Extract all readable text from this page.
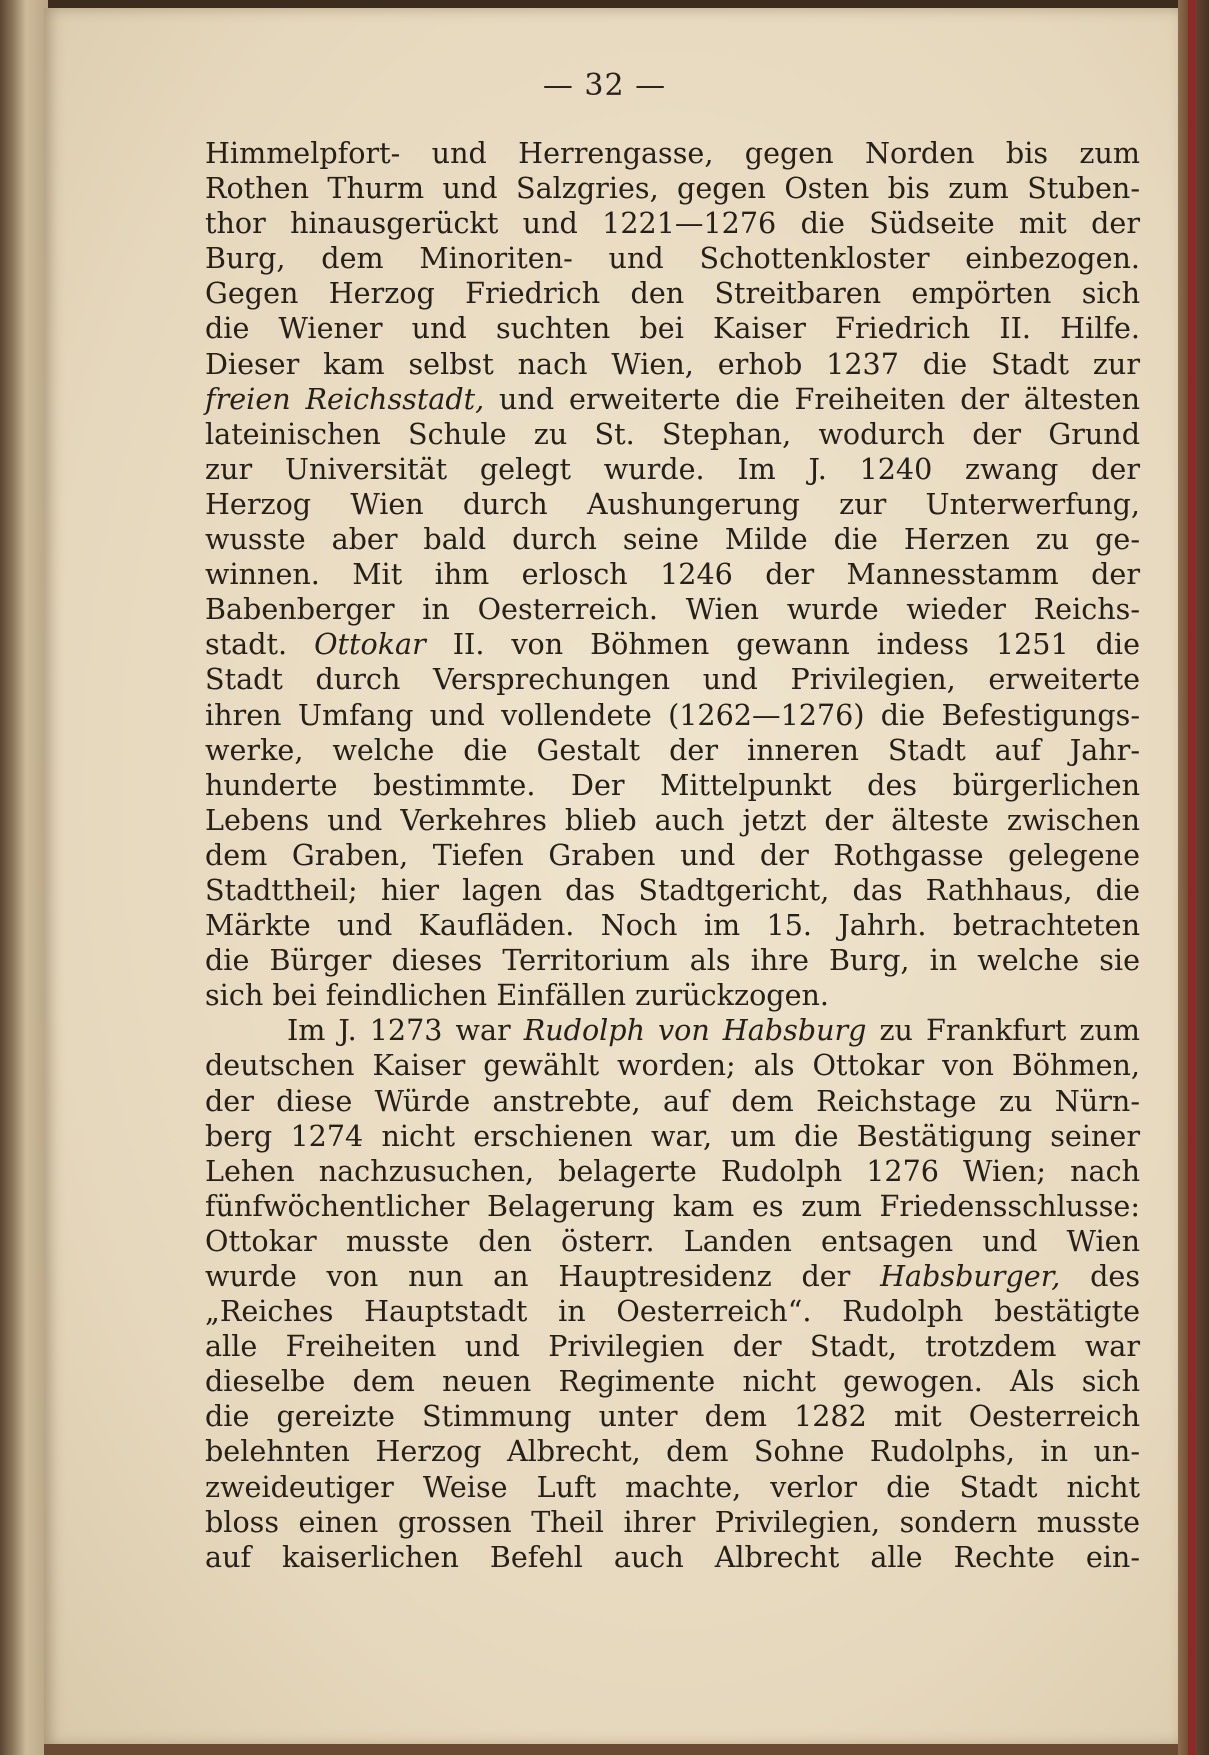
— 32 —
Himmelpfort- und Herrengasse, gegen Norden bis zum
Rothen Thurm und Salzgries, gegen Osten bis zum Stuben-
thor hinausgerückt und 1221—1276 die Südseite mit der
Burg, dem Minoriten- und Schottenkloster einbezogen.
Gegen Herzog Friedrich den Streitbaren empörten sich
die Wiener und suchten bei Kaiser Friedrich II. Hilfe.
Dieser kam selbst nach Wien, erhob 1237 die Stadt zur
freien Reichsstadt, und erweiterte die Freiheiten der ältesten
lateinischen Schule zu St. Stephan, wodurch der Grund
zur Universität gelegt wurde. Im J. 1240 zwang der
Herzog Wien durch Aushungerung zur Unterwerfung,
wusste aber bald durch seine Milde die Herzen zu ge-
winnen. Mit ihm erlosch 1246 der Mannesstamm der
Babenberger in Oesterreich. Wien wurde wieder Reichs-
stadt. Ottokar II. von Böhmen gewann indess 1251 die
Stadt durch Versprechungen und Privilegien, erweiterte
ihren Umfang und vollendete (1262—1276) die Befestigungs-
werke, welche die Gestalt der inneren Stadt auf Jahr-
hunderte bestimmte. Der Mittelpunkt des bürgerlichen
Lebens und Verkehres blieb auch jetzt der älteste zwischen
dem Graben, Tiefen Graben und der Rothgasse gelegene
Stadttheil; hier lagen das Stadtgericht, das Rathhaus, die
Märkte und Kaufläden. Noch im 15. Jahrh. betrachteten
die Bürger dieses Territorium als ihre Burg, in welche sie
sich bei feindlichen Einfällen zurückzogen.
Im J. 1273 war Rudolph von Habsburg zu Frankfurt zum
deutschen Kaiser gewählt worden; als Ottokar von Böhmen,
der diese Würde anstrebte, auf dem Reichstage zu Nürn-
berg 1274 nicht erschienen war, um die Bestätigung seiner
Lehen nachzusuchen, belagerte Rudolph 1276 Wien; nach
fünfwöchentlicher Belagerung kam es zum Friedensschlusse:
Ottokar musste den österr. Landen entsagen und Wien
wurde von nun an Hauptresidenz der Habsburger, des
„Reiches Hauptstadt in Oesterreich“. Rudolph bestätigte
alle Freiheiten und Privilegien der Stadt, trotzdem war
dieselbe dem neuen Regimente nicht gewogen. Als sich
die gereizte Stimmung unter dem 1282 mit Oesterreich
belehnten Herzog Albrecht, dem Sohne Rudolphs, in un-
zweideutiger Weise Luft machte, verlor die Stadt nicht
bloss einen grossen Theil ihrer Privilegien, sondern musste
auf kaiserlichen Befehl auch Albrecht alle Rechte ein-
